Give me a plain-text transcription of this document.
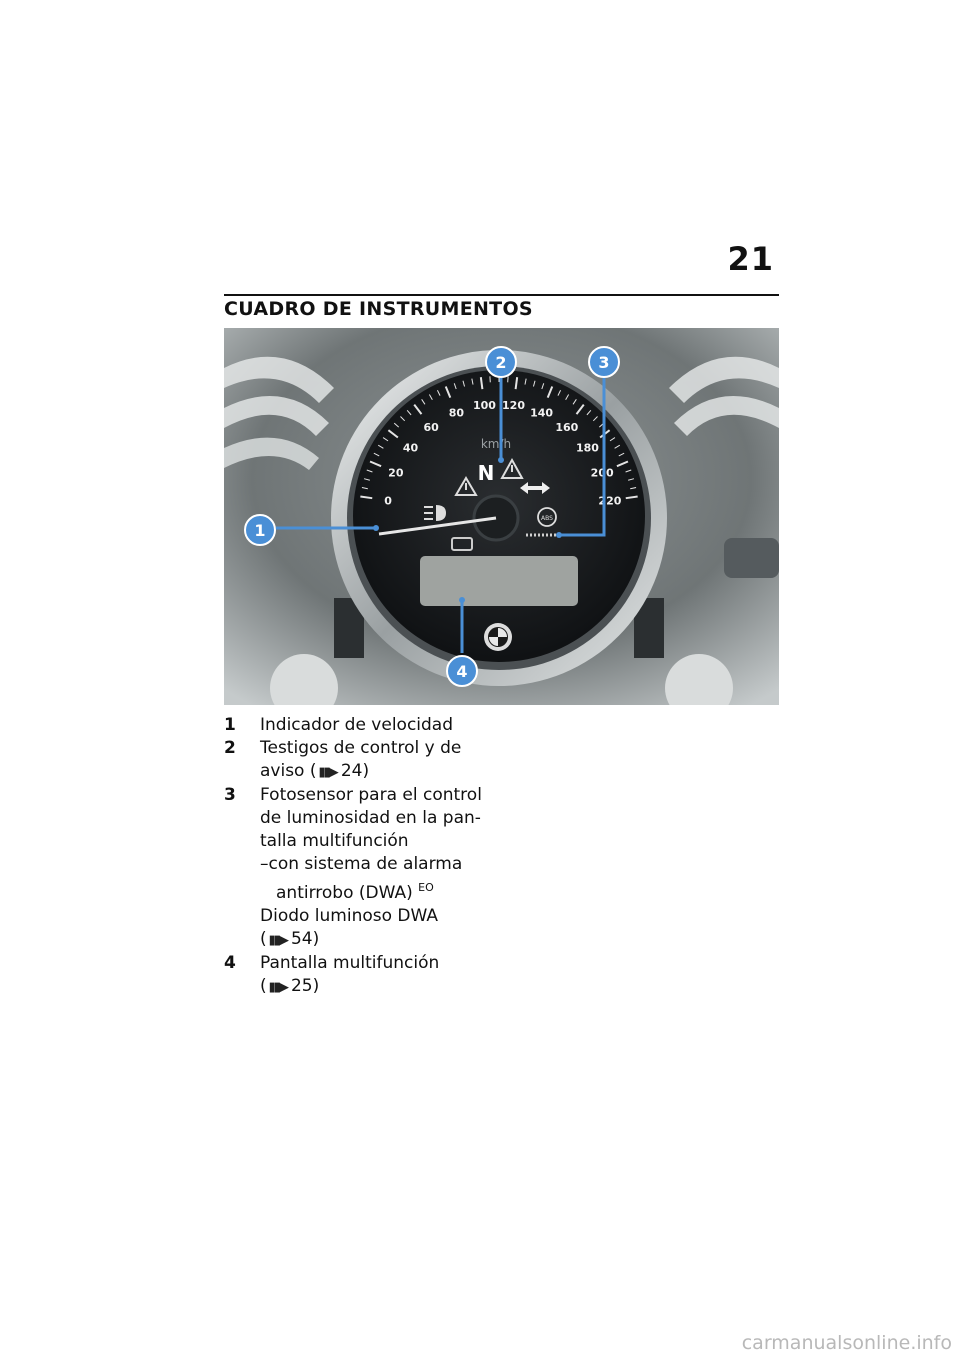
21
CUADRO DE INSTRUMENTOS
0
20
40
60
80
100 120
140
160
180
200
220
km/h
N
ABS
1
2	3
4
1	Indicador de velocidad
2	Testigos de control y de
aviso ( ▮▮▶ 24)
3	Fotosensor para el control
de luminosidad en la pan-
talla multifunción
–con sistema de alarma
antirrobo (DWA) $^{EO}$
Diodo luminoso DWA
( ▮▮▶ 54)
4	Pantalla multifunción
( ▮▮▶ 25)
carmanualsonline.info
